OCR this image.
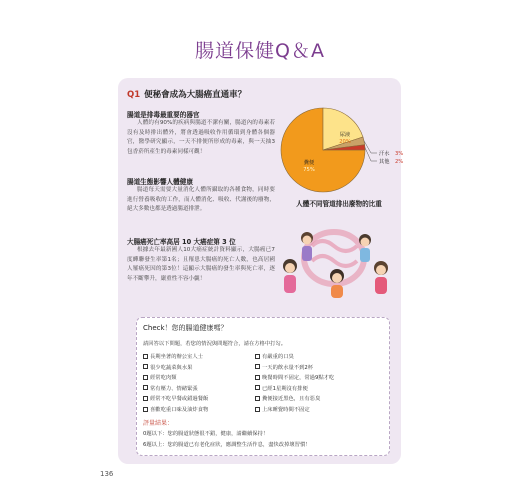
腸道保健Q＆A
Q1 便秘會成為大腸癌直通車？
腸道是排毒最重要的器官
人體約有90%的疾病與腸道不潔有關，腸道內的毒素若沒有及時排出體外，將會透過吸收作用循環到身體各個器官，醫學研究顯示，一天不排便所形成的毒素，與一天抽3包香菸所產生的毒素同樣可觀！
腸道生態影響人體健康
腸道每天需要大量消化人體所攝取的各種食物，同時要進行營養吸收的工作，而人體消化、吸收、代謝後的廢物，絕大多數也都是透過腸道排泄。
大腸癌死亡率高居 10 大癌症第 3 位
根據去年最新國人10大癌症統計資料顯示，大腸癌已7度蟬聯發生率第1名；且罹患大腸癌的死亡人數，也高居國人罹癌死因的第3位！這顯示大腸癌的發生率與死亡率，逐年不斷攀升，嚴重性不容小覷！
糞便
75%
尿液
20%
汗水 3%
其他 2%
人體不同管道排出廢物的比重
Check！您的腸道健康嗎？
請回答以下問題，若您的情況與問題符合，請在方格中打勾。
長期坐著的辦公室人士
很少吃蔬菜與水果
經常吃肉類
常有壓力、情緒緊張
經常不吃早餐或錯過餐飯
喜歡吃重口味及油炸食物
有嚴重的口臭
一天的飲水量不到2杯
晚餐時間不固定，常過9點才吃
已經1星期沒有排便
糞便接近黑色，且有惡臭
上床睡覺時間不固定
評量結果：
0題以下：您的腸道狀態很不錯，健康，請繼續保持！
6題以上：您的腸道已有老化症狀，應調整生活作息，盡快改掉壞習慣！
136
